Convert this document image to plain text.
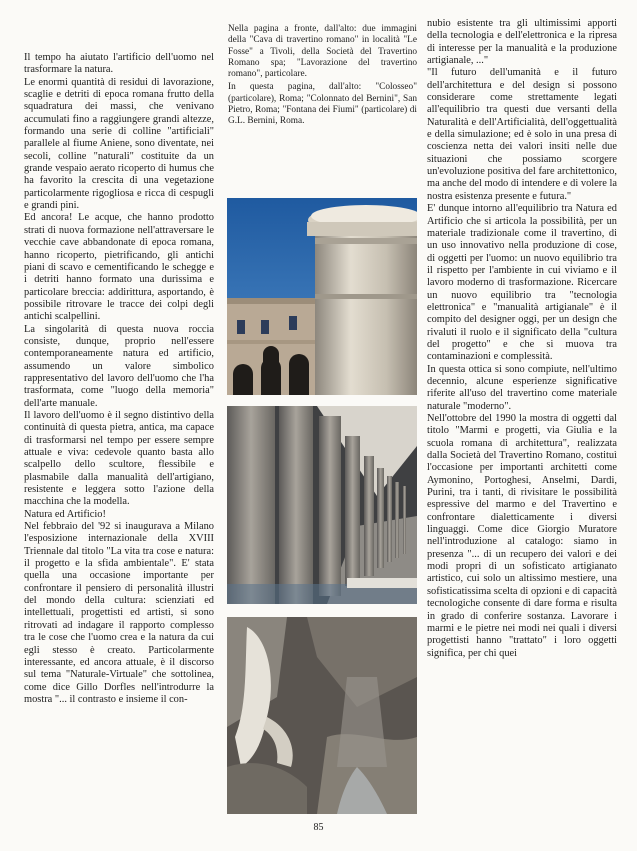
Il tempo ha aiutato l'artificio dell'uomo nel trasformare la natura.

Le enormi quantità di residui di lavorazione, scaglie e detriti di epoca romana frutto della squadratura dei massi, che venivano accumulati fino a raggiungere grandi altezze, formando una serie di colline "artificiali" parallele al fiume Aniene, sono diventate, nei secoli, colline "naturali" costituite da un grande vespaio aerato ricoperto di humus che ha favorito la crescita di una vegetazione particolarmente rigogliosa e ricca di cespugli e grandi pini.

Ed ancora! Le acque, che hanno prodotto strati di nuova formazione nell'attraversare le vecchie cave abbandonate di epoca romana, hanno ricoperto, pietrificando, gli antichi piani di scavo e cementificando le schegge e i detriti hanno formato una durissima e particolare breccia: addirittura, asportando, è possibile ritrovare le tracce dei colpi degli antichi scalpellini.

La singolarità di questa nuova roccia consiste, dunque, proprio nell'essere contemporaneamente natura ed artificio, assumendo un valore simbolico rappresentativo del lavoro dell'uomo che l'ha trasformata, come "luogo della memoria" dell'arte manuale.

Il lavoro dell'uomo è il segno distintivo della continuità di questa pietra, antica, ma capace di trasformarsi nel tempo per essere sempre attuale e viva: cedevole quanto basta allo scalpello dello scultore, flessibile e plasmabile dalla manualità dell'artigiano, resistente e leggera sotto l'azione della macchina che la modella.

Natura ed Artificio!

Nel febbraio del '92 si inaugurava a Milano l'esposizione internazionale della XVIII Triennale dal titolo "La vita tra cose e natura: il progetto e la sfida ambientale". E' stata quella una occasione importante per confrontare il pensiero di personalità illustri del mondo della cultura: scienziati ed intellettuali, progettisti ed artisti, si sono ritrovati ad indagare il rapporto complesso tra le cose che l'uomo crea e la natura da cui egli stesso è creato. Particolarmente interessante, ed ancora attuale, è il discorso sul tema "Naturale-Virtuale" che sottolinea, come dice Gillo Dorfles nell'introdurre la mostra "... il contrasto e insieme il con-

Nella pagina a fronte, dall'alto: due immagini della "Cava di travertino romano" in località "Le Fosse" a Tivoli, della Società del Travertino Romano spa; "Lavorazione del travertino romano", particolare.

In questa pagina, dall'alto: "Colosseo"(particolare), Roma; "Colonnato del Bernini", San Pietro, Roma; "Fontana dei Fiumi" (particolare) di G.L. Bernini, Roma.

nubio esistente tra gli ultimissimi apporti della tecnologia e dell'elettronica e la ripresa di interesse per la manualità e la produzione artigianale, ..."

"Il futuro dell'umanità e il futuro dell'architettura e del design si possono considerare come strettamente legati all'equilibrio tra questi due versanti della Naturalità e dell'Artificialità, dell'oggettualità e della simulazione; ed è solo in una presa di coscienza netta dei valori insiti nelle due situazioni che possiamo scorgere un'evoluzione positiva del fare architettonico, ma anche del modo di intendere e di volere la nostra esistenza presente e futura."

E' dunque intorno all'equilibrio tra Natura ed Artificio che si articola la possibilità, per un materiale tradizionale come il travertino, di un uso innovativo nella produzione di cose, di oggetti per l'uomo: un nuovo equilibrio tra il rispetto per l'ambiente in cui viviamo e il lavoro moderno di trasformazione. Ricercare un nuovo equilibrio tra "tecnologia elettronica" e "manualità artigianale" è il compito del designer oggi, per un design che rivaluti il ruolo e il significato della "cultura del progetto" e che si muova tra contaminazioni e complessità.

In questa ottica si sono compiute, nell'ultimo decennio, alcune esperienze significative riferite all'uso del travertino come materiale naturale "moderno".

Nell'ottobre del 1990 la mostra di oggetti dal titolo "Marmi e progetti, via Giulia e la scuola romana di architettura", realizzata dalla Società del Travertino Romano, costituì l'occasione per importanti architetti come Aymonino, Portoghesi, Anselmi, Dardi, Purini, tra i tanti, di rivisitare le possibilità espressive del marmo e del Travertino e confrontare dialetticamente i diversi linguaggi. Come dice Giorgio Muratore nell'introduzione al catalogo: siamo in presenza "... di un recupero dei valori e dei modi propri di un sofisticato artigianato artistico, cui solo un altissimo mestiere, una sofisticatissima scelta di opzioni e di capacità tecnologiche consente di dare forma e risulta in grado di conferire sostanza. Lavorare i marmi e le pietre nei modi nei quali i diversi progettisti hanno "trattato" i loro oggetti significa, per chi quei

85
